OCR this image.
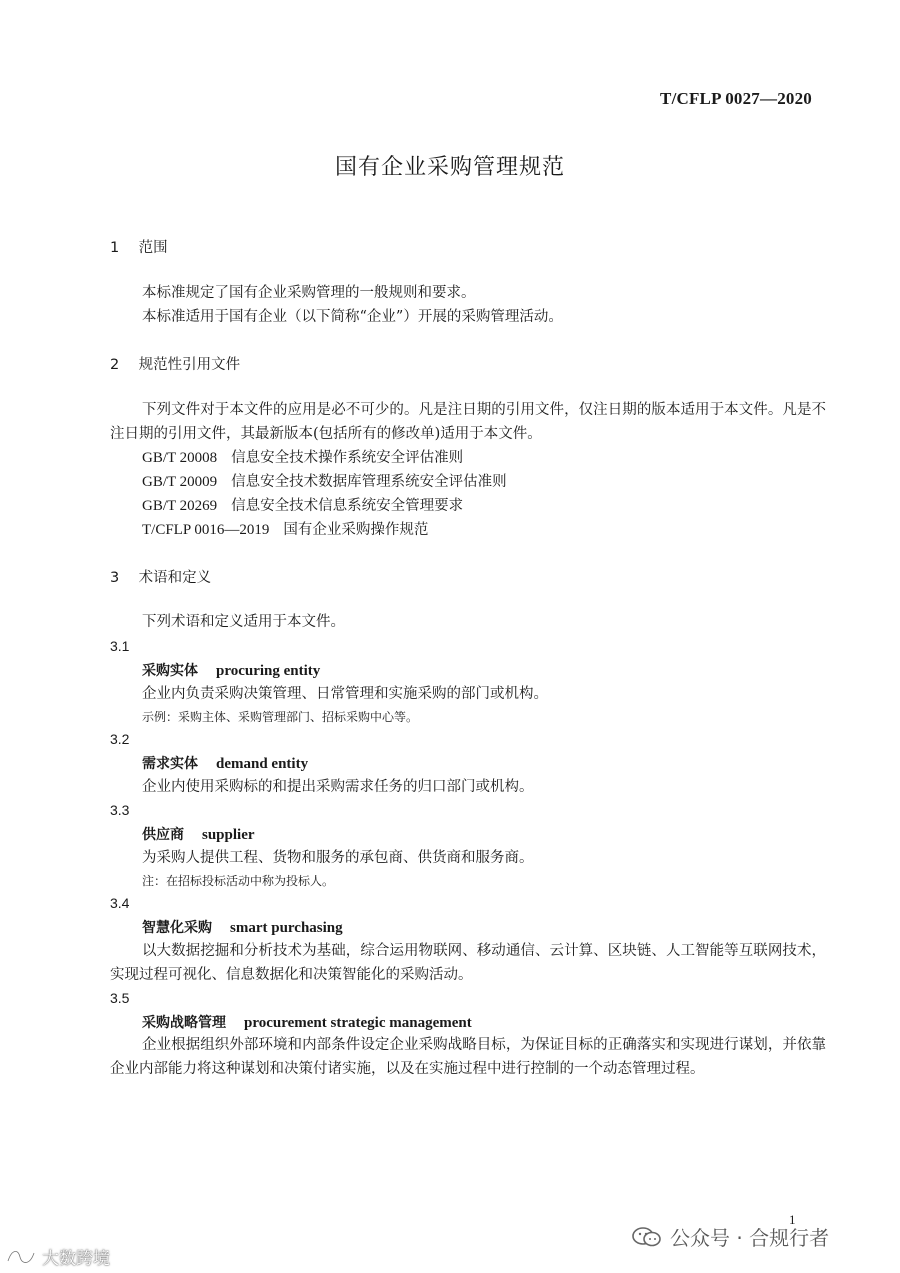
T/CFLP 0027—2020
国有企业采购管理规范
1 范围
本标准规定了国有企业采购管理的一般规则和要求。
本标准适用于国有企业（以下简称“企业”）开展的采购管理活动。
2 规范性引用文件
下列文件对于本文件的应用是必不可少的。凡是注日期的引用文件，仅注日期的版本适用于本文件。凡是不注日期的引用文件，其最新版本(包括所有的修改单)适用于本文件。
GB/T 20008 信息安全技术操作系统安全评估准则
GB/T 20009 信息安全技术数据库管理系统安全评估准则
GB/T 20269 信息安全技术信息系统安全管理要求
T/CFLP 0016—2019 国有企业采购操作规范
3 术语和定义
下列术语和定义适用于本文件。
3.1
采购实体 procuring entity
企业内负责采购决策管理、日常管理和实施采购的部门或机构。
示例：采购主体、采购管理部门、招标采购中心等。
3.2
需求实体 demand entity
企业内使用采购标的和提出采购需求任务的归口部门或机构。
3.3
供应商 supplier
为采购人提供工程、货物和服务的承包商、供货商和服务商。
注：在招标投标活动中称为投标人。
3.4
智慧化采购 smart purchasing
以大数据挖掘和分析技术为基础，综合运用物联网、移动通信、云计算、区块链、人工智能等互联网技术，实现过程可视化、信息数据化和决策智能化的采购活动。
3.5
采购战略管理 procurement strategic management
企业根据组织外部环境和内部条件设定企业采购战略目标，为保证目标的正确落实和实现进行谋划，并依靠企业内部能力将这种谋划和决策付诸实施，以及在实施过程中进行控制的一个动态管理过程。
1
公众号 · 合规行者
大数跨境
